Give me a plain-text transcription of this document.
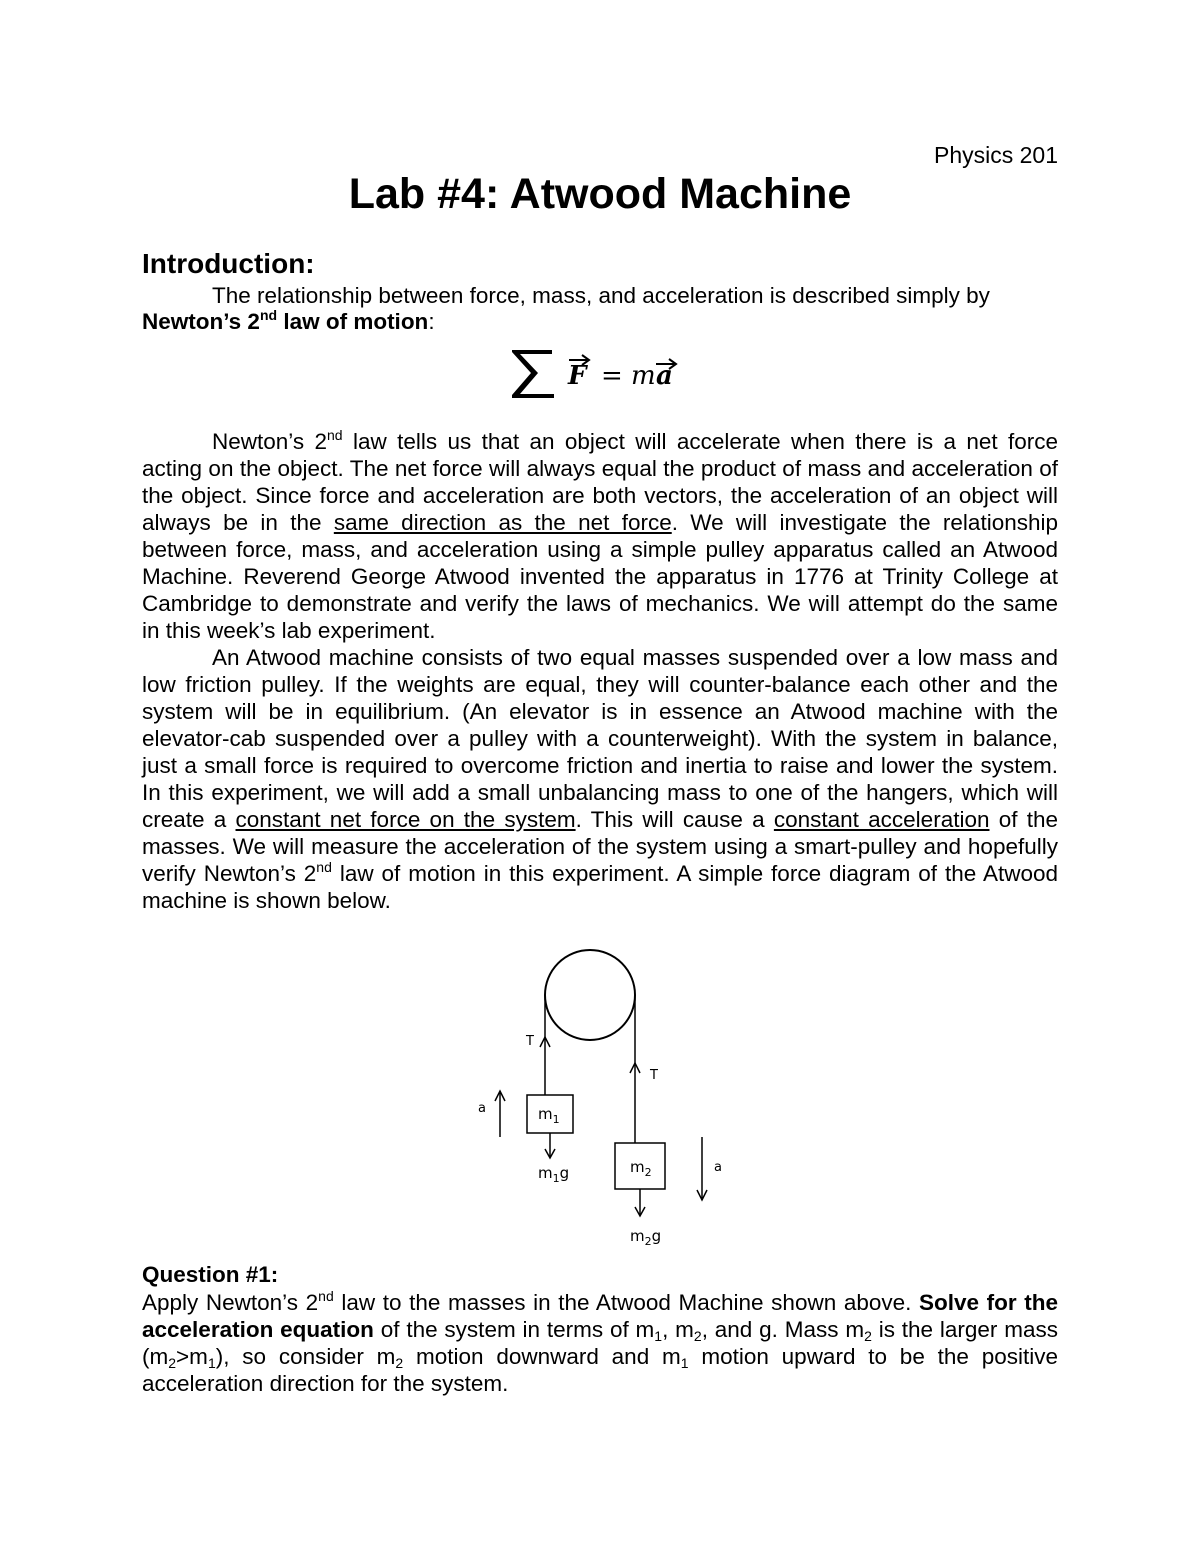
Physics 201
Lab #4: Atwood Machine
Introduction:
The relationship between force, mass, and acceleration is described simply by
Newton’s 2nd law of motion:
F = m a
Newton’s 2nd law tells us that an object will accelerate when there is a net force acting on the object. The net force will always equal the product of mass and acceleration of the object. Since force and acceleration are both vectors, the acceleration of an object will always be in the same direction as the net force. We will investigate the relationship between force, mass, and acceleration using a simple pulley apparatus called an Atwood Machine. Reverend George Atwood invented the apparatus in 1776 at Trinity College at Cambridge to demonstrate and verify the laws of mechanics. We will attempt do the same in this week’s lab experiment.
An Atwood machine consists of two equal masses suspended over a low mass and low friction pulley. If the weights are equal, they will counter-balance each other and the system will be in equilibrium. (An elevator is in essence an Atwood machine with the elevator-cab suspended over a pulley with a counterweight). With the system in balance, just a small force is required to overcome friction and inertia to raise and lower the system. In this experiment, we will add a small unbalancing mass to one of the hangers, which will create a constant net force on the system. This will cause a constant acceleration of the masses. We will measure the acceleration of the system using a smart-pulley and hopefully verify Newton’s 2nd law of motion in this experiment. A simple force diagram of the Atwood machine is shown below.
T
T
$m_1$
$m_1g$
a
$m_2$
$m_2g$
a
Question #1:
Apply Newton’s 2nd law to the masses in the Atwood Machine shown above. Solve for the acceleration equation of the system in terms of $m_1$, $m_2$, and g. Mass $m_2$ is the larger mass $(m_2>m_1)$, so consider $m_2$ motion downward and $m_1$ motion upward to be the positive acceleration direction for the system.
